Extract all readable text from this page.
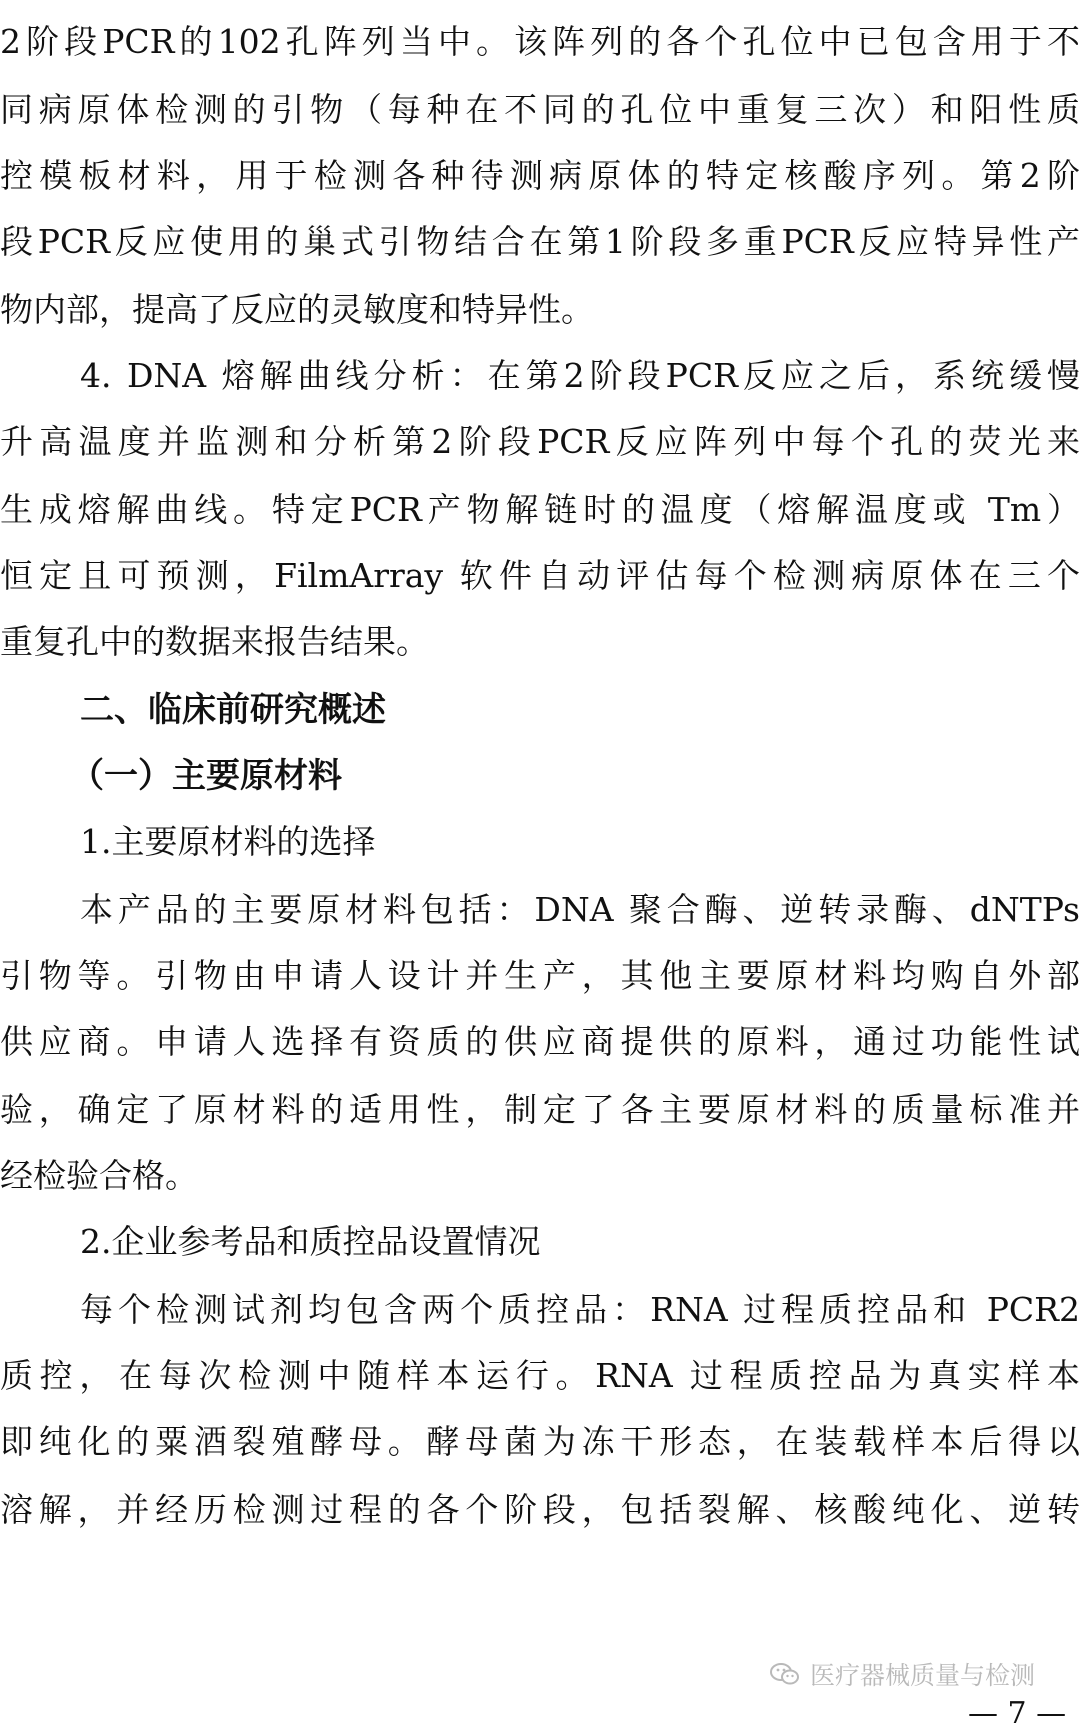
2阶段PCR的102孔阵列当中。该阵列的各个孔位中已包含用于不
同病原体检测的引物（每种在不同的孔位中重复三次）和阳性质
控模板材料，用于检测各种待测病原体的特定核酸序列。第2阶
段PCR反应使用的巢式引物结合在第1阶段多重PCR反应特异性产
物内部，提高了反应的灵敏度和特异性。
4. DNA 熔解曲线分析：在第2阶段PCR反应之后，系统缓慢
升高温度并监测和分析第2阶段PCR反应阵列中每个孔的荧光来
生成熔解曲线。特定PCR产物解链时的温度（熔解温度或 Tm）
恒定且可预测，FilmArray 软件自动评估每个检测病原体在三个
重复孔中的数据来报告结果。
二、临床前研究概述
（一）主要原材料
1.主要原材料的选择
本产品的主要原材料包括：DNA 聚合酶、逆转录酶、dNTPs
引物等。引物由申请人设计并生产，其他主要原材料均购自外部
供应商。申请人选择有资质的供应商提供的原料，通过功能性试
验，确定了原材料的适用性，制定了各主要原材料的质量标准并
经检验合格。
2.企业参考品和质控品设置情况
每个检测试剂均包含两个质控品：RNA 过程质控品和 PCR2
质控，在每次检测中随样本运行。RNA 过程质控品为真实样本
即纯化的粟酒裂殖酵母。酵母菌为冻干形态，在装载样本后得以
溶解，并经历检测过程的各个阶段，包括裂解、核酸纯化、逆转
医疗器械质量与检测
— 7 —
